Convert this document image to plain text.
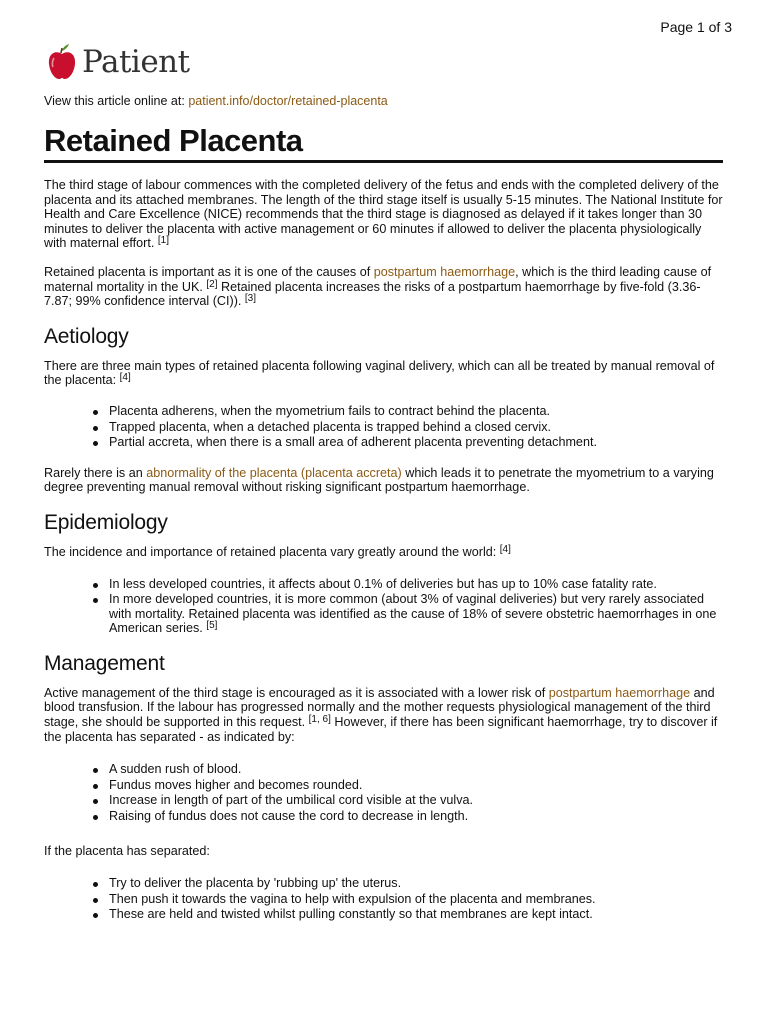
Page 1 of 3
Patient
View this article online at: patient.info/doctor/retained-placenta
Retained Placenta

The third stage of labour commences with the completed delivery of the fetus and ends with the completed delivery of the placenta and its attached membranes. The length of the third stage itself is usually 5-15 minutes. The National Institute for Health and Care Excellence (NICE) recommends that the third stage is diagnosed as delayed if it takes longer than 30 minutes to deliver the placenta with active management or 60 minutes if allowed to deliver the placenta physiologically with maternal effort. [1]

Retained placenta is important as it is one of the causes of postpartum haemorrhage, which is the third leading cause of maternal mortality in the UK. [2] Retained placenta increases the risks of a postpartum haemorrhage by five-fold (3.36-7.87; 99% confidence interval (CI)). [3]

Aetiology

There are three main types of retained placenta following vaginal delivery, which can all be treated by manual removal of the placenta: [4]

Placenta adherens, when the myometrium fails to contract behind the placenta.
Trapped placenta, when a detached placenta is trapped behind a closed cervix.
Partial accreta, when there is a small area of adherent placenta preventing detachment.

Rarely there is an abnormality of the placenta (placenta accreta) which leads it to penetrate the myometrium to a varying degree preventing manual removal without risking significant postpartum haemorrhage.

Epidemiology

The incidence and importance of retained placenta vary greatly around the world: [4]

In less developed countries, it affects about 0.1% of deliveries but has up to 10% case fatality rate.
In more developed countries, it is more common (about 3% of vaginal deliveries) but very rarely associated with mortality. Retained placenta was identified as the cause of 18% of severe obstetric haemorrhages in one American series. [5]
Management

Active management of the third stage is encouraged as it is associated with a lower risk of postpartum haemorrhage and blood transfusion. If the labour has progressed normally and the mother requests physiological management of the third stage, she should be supported in this request. [1, 6] However, if there has been significant haemorrhage, try to discover if the placenta has separated - as indicated by:

A sudden rush of blood.
Fundus moves higher and becomes rounded.
Increase in length of part of the umbilical cord visible at the vulva.
Raising of fundus does not cause the cord to decrease in length.

If the placenta has separated:

Try to deliver the placenta by 'rubbing up' the uterus.
Then push it towards the vagina to help with expulsion of the placenta and membranes.
These are held and twisted whilst pulling constantly so that membranes are kept intact.
